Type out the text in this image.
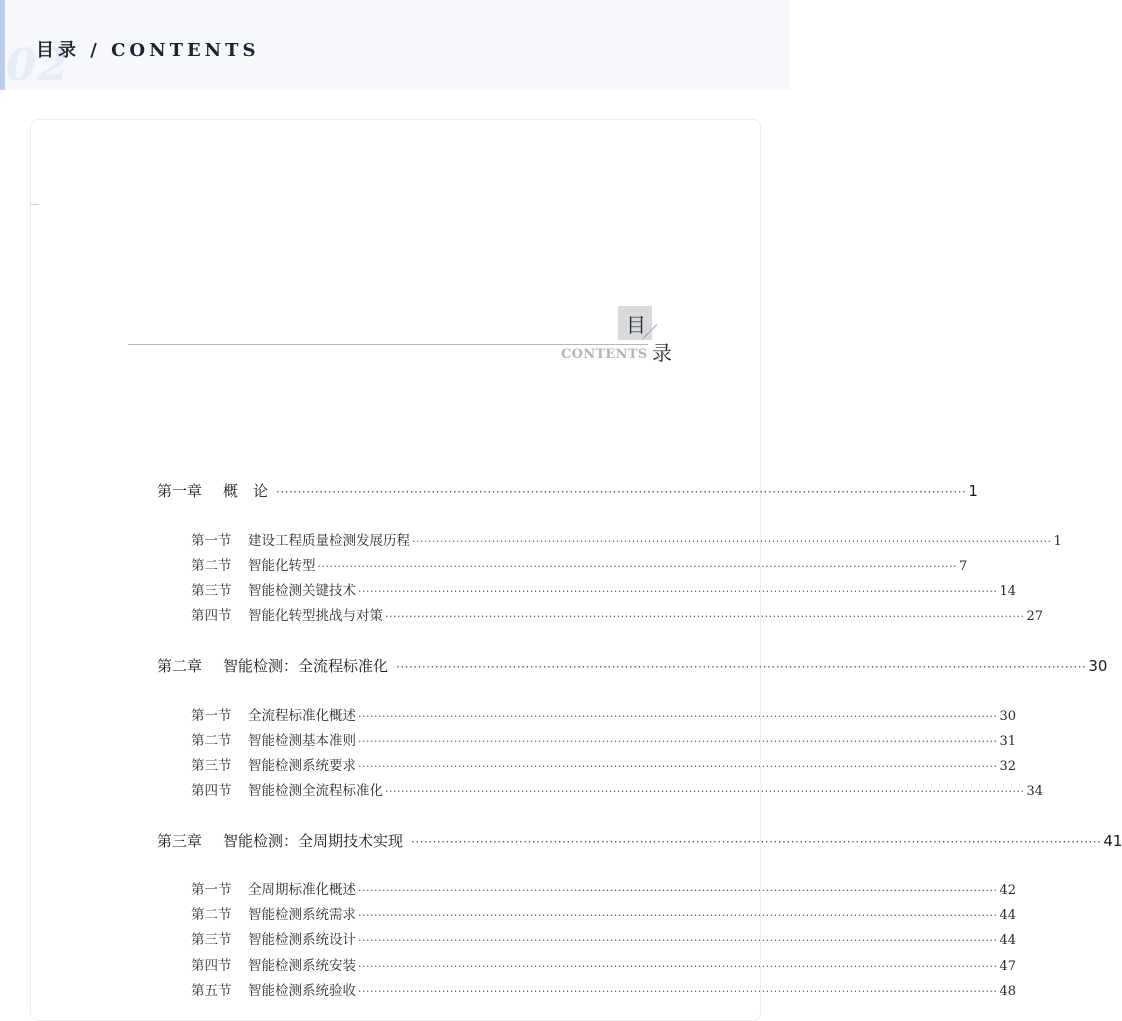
02
目录 / CONTENTS
目
CONTENTS 录
第一章	概　论 ································································································································································ 1
第一节	建设工程质量检测发展历程 ································································································································································ 1
第二节	智能化转型 ································································································································································ 7
第三节	智能检测关键技术 ································································································································································ 14
第四节	智能化转型挑战与对策 ································································································································································ 27
第二章	智能检测：全流程标准化 ································································································································································ 30
第一节	全流程标准化概述 ································································································································································ 30
第二节	智能检测基本准则 ································································································································································ 31
第三节	智能检测系统要求 ································································································································································ 32
第四节	智能检测全流程标准化 ································································································································································ 34
第三章	智能检测：全周期技术实现 ································································································································································ 41
第一节	全周期标准化概述 ································································································································································ 42
第二节	智能检测系统需求 ································································································································································ 44
第三节	智能检测系统设计 ································································································································································ 44
第四节	智能检测系统安装 ································································································································································ 47
第五节	智能检测系统验收 ································································································································································ 48
